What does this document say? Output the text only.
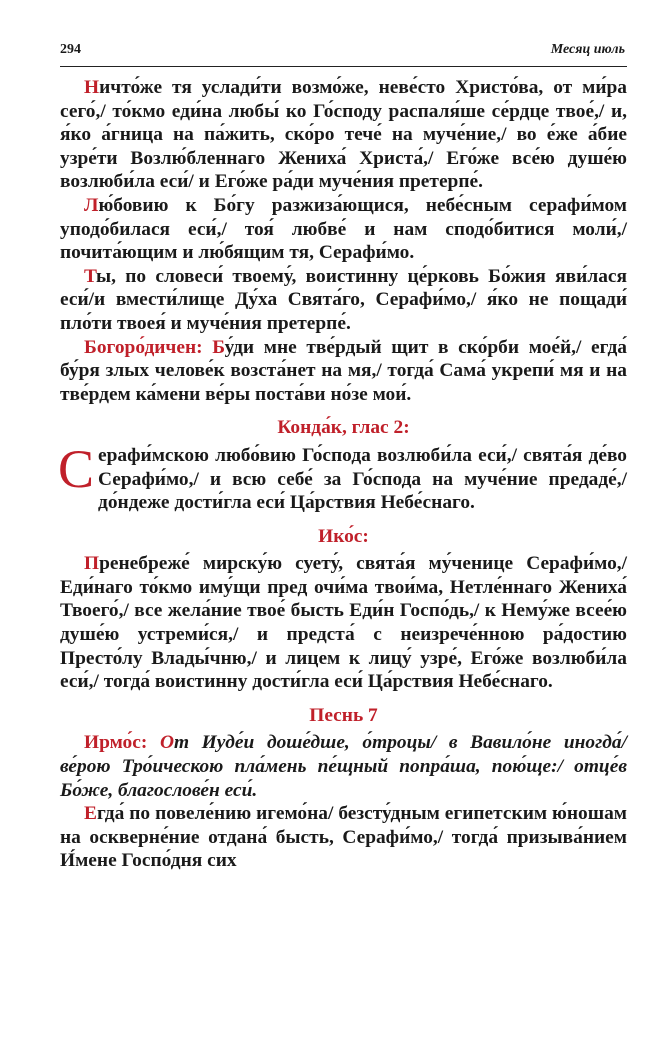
294	Месяц июль

Ничто́же тя услади́ти возмо́же, неве́сто Христо́ва, от ми́ра сего́,/ то́кмо еди́на любы́ ко Го́споду распаля́ше се́рдце твое́,/ и, я́ко а́гница на па́жить, ско́ро тече́ на муче́ние,/ во е́же а́бие узре́ти Возлю́бленнаго Жениха́ Христа́,/ Его́же все́ю душе́ю возлюби́ла еси́/ и Его́же ра́ди муче́ния претерпе́.

Лю́бовию к Бо́гу разжиза́ющися, небе́сным серафи́мом уподо́билася еси́,/ тоя́ любве́ и нам сподо́битися моли́,/ почита́ющим и лю́бящим тя, Серафи́мо.

Ты, по словеси́ твоему́, воистинну це́рковь Бо́жия яви́лася еси́/и вмести́лище Ду́ха Свята́го, Серафи́мо,/ я́ко не пощади́ пло́ти твоея́ и муче́ния претерпе́.

Богоро́дичен: Бу́ди мне тве́рдый щит в ско́рби мое́й,/ егда́ бу́ря злых челове́к возста́нет на мя,/ тогда́ Сама́ укрепи́ мя и на тве́рдем ка́мени ве́ры поста́ви но́зе мои́.

Конда́к, глас 2:

Серафи́мскою любо́вию Го́спода возлюби́ла еси́,/ свята́я де́во Серафи́мо,/ и всю себе́ за Го́спода на муче́ние предаде́,/ до́ндеже дости́гла еси́ Ца́рствия Небе́снаго.

Ико́с:

Пренебреже́ мирску́ю суету́, свята́я му́ченице Серафи́мо,/ Еди́наго то́кмо иму́щи пред очи́ма твои́ма, Нетле́ннаго Жениха́ Твоего́,/ все жела́ние твое́ бысть Еди́н Госпо́дь,/ к Нему́же всее́ю душе́ю устреми́ся,/ и предста́ с неизрече́нною ра́достию Престо́лу Влады́чню,/ и лицем к лицу́ узре́, Его́же возлюби́ла еси́,/ тогда́ воистинну дости́гла еси́ Ца́рствия Небе́снаго.

Песнь 7

Ирмо́с: От Иуде́и доше́дше, о́троцы/ в Вавило́не иногда́/ ве́рою Тро́ическою пла́мень пе́щный попра́ша, пою́ще:/ отце́в Бо́же, благослове́н еси́.

Егда́ по повеле́нию игемо́на/ безсту́дным египетским ю́ношам на оскверне́ние отдана́ бысть, Серафи́мо,/ тогда́ призыва́нием И́мене Госпо́дня сих
